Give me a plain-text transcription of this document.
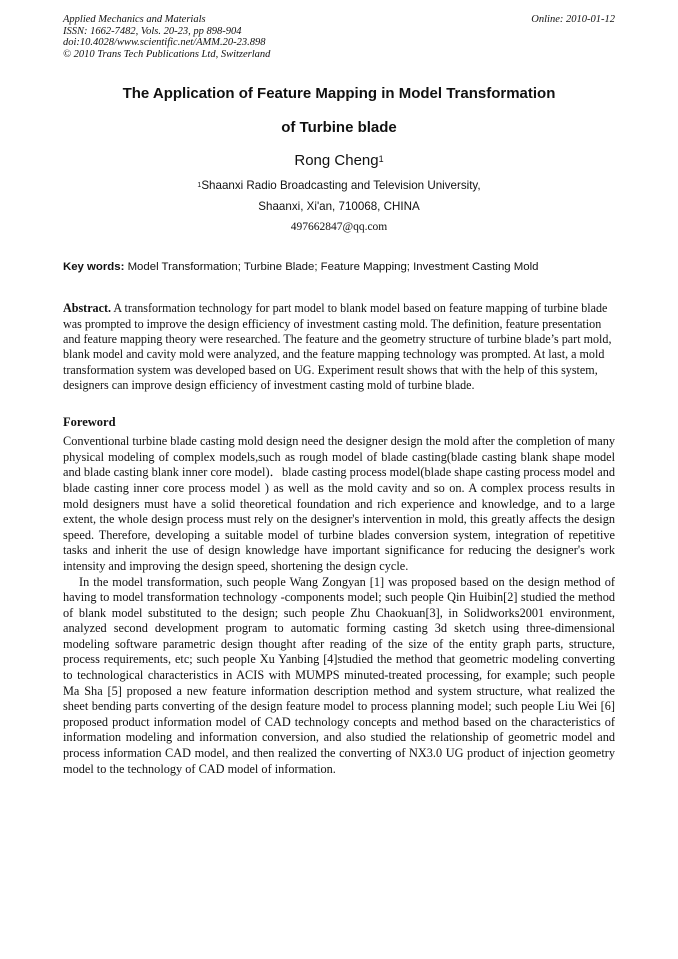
Applied Mechanics and Materials
ISSN: 1662-7482, Vols. 20-23, pp 898-904
doi:10.4028/www.scientific.net/AMM.20-23.898
© 2010 Trans Tech Publications Ltd, Switzerland
Online: 2010-01-12
The Application of Feature Mapping in Model Transformation
of Turbine blade
Rong Cheng$^1$
$^1$Shaanxi Radio Broadcasting and Television University,
Shaanxi, Xi'an, 710068, CHINA
497662847@qq.com
Key words: Model Transformation; Turbine Blade; Feature Mapping; Investment Casting Mold
Abstract. A transformation technology for part model to blank model based on feature mapping of turbine blade was prompted to improve the design efficiency of investment casting mold. The definition, feature presentation and feature mapping theory were researched. The feature and the geometry structure of turbine blade’s part mold, blank model and cavity mold were analyzed, and the feature mapping technology was prompted. At last, a mold transformation system was developed based on UG. Experiment result shows that with the help of this system, designers can improve design efficiency of investment casting mold of turbine blade.
Foreword

Conventional turbine blade casting mold design need the designer design the mold after the completion of many physical modeling of complex models,such as rough model of blade casting(blade casting blank shape model and blade casting blank inner core model)．blade casting process model(blade shape casting process model and blade casting inner core process model ) as well as the mold cavity and so on. A complex process results in mold designers must have a solid theoretical foundation and rich experience and knowledge, and to a large extent, the whole design process must rely on the designer's intervention in mold, this greatly affects the design speed. Therefore, developing a suitable model of turbine blades conversion system, integration of repetitive tasks and inherit the use of design knowledge have important significance for reducing the designer's work intensity and improving the design speed, shortening the design cycle.

In the model transformation, such people Wang Zongyan [1] was proposed based on the design method of having to model transformation technology -components model; such people Qin Huibin[2] studied the method of blank model substituted to the design; such people Zhu Chaokuan[3], in Solidworks2001 environment, analyzed second development program to automatic forming casting 3d sketch using three-dimensional modeling software parametric design thought after reading of the size of the entity graph parts, structure, process requirements, etc; such people Xu Yanbing [4]studied the method that geometric modeling converting to technological characteristics in ACIS with MUMPS minuted-treated processing, for example; such people Ma Sha [5] proposed a new feature information description method and system structure, what realized the sheet bending parts converting of the design feature model to process planning model; such people Liu Wei [6] proposed product information model of CAD technology concepts and method based on the characteristics of information modeling and information conversion, and also studied the relationship of geometric model and process information CAD model, and then realized the converting of NX3.0 UG product of injection geometry model to the technology of CAD model of information.
